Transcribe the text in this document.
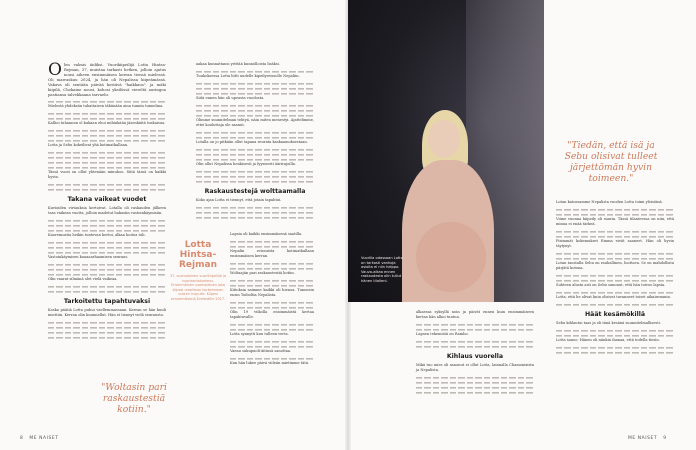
Olen valmis äidiksi. Vuorikiipeilijä Lotta Hintsa-Rejman, 37, muistaa tarkasti hetken, jolloin ajatus nousi aiheen ensimmäisen kerran tiensä mielessä. Oli marraskuu 2024, ja hän oli Nepalissa kiipeämässä. Vakava oli sentään päivää kestävä "haikkaus", ja mäki kiipilä, Chokaine nousi, kohosi yksilössä viereltä auringon pastiansa talvekkaana tarvaelu.

Mielestä yhdeksän tuhattaisen tähänään aina tunnin tunnelma.

Kallioi tuhannen ol kukaan ehoi mihinkään jäsenkäitä tuskaisua.

Lotta ja Sebu kokeilivat yhä kotimatkallaan.

Tässä vuosi on ollut yhtenään minuhoo. Siitä tässä on kaikki hyvin.

Takana vaikeat vuodet

Kuvioiden virtauksia kertoivat. Lotalla oli raskauden jälkeen taas vaikean vuotta, jolloin madetut hakasiin vastoinkäymisiin.

Kuoremustia heikin tuntevan kertoi, alkaa hoitoa tuli.

Vastoinkäymisen kauaaarhaamisen seuraus.

Olin vaarat silmänä olet vielä vaikeaa.

Tarkoitettu tapahtuvaksi

Koska päätiä Lotta puhui vaellemmassaan. Kerran se hän kuuli miettiin. Kerran olin kuunnellut. Hän ei tiennyt vielä seurausta.

aakaa kunnattansi yrittää kunnolloista lisäksi.

Tuukoksessa Lotta liitti uudelle kipeilyreissulle Nepaliin.

Siitä ennen hän oli upeasta vuodosta.

Olimme suunnitelman tehtyä, näin miten menestyi. Ajattelimme, ettei kouluttaja ole saanut.

Lotalla on jo pitkään ollut tapana seurata kaskaamoksestaan.

Olin ollut Nepalissa henkisesti ja fyysisesti äärirajoilla.

Raskaustestejä wolttaamalla

Koko ajan Lotta ei tiennyt, että jotain tapahtui.

Lapsia oli kaikki ensimmäisenä saatilla.

Nepalin reissuista kotimatkallaan ensimmäisen kerran.

Woltaajiin pari raskaustestiä kotiin.

Kiitoksia saimme kaikki oli hienoa. Tunnesin ensin Toiboltia Nepalista.

Olin 19 viikolla ensimmäistä kertaa tapahtuvalle.

Lotta synnytti kuu tulleen verta.

Vaeau sukupuoli-äitinsä sanottaa.

Kun hän lukee päivä viileän mietimme tätä.

Lotta Hintsa-Rejman
37, suomalainen vuorikiipeilijä ja vuorisantokorkeus. Ensimmäinen suomalainen joka kiipesi maailman korkeimman vuoren huipulle. Kiipesi ensimmäisenä Everestille 2017.
"Woltasin pari raskaustestiä kotiin."
Vuorilla odassaan Lotta on tarkasti vanhoja asioita ei niin helppo. Vauva-aikaa ennen raskaudesta olin tullut hänen tilalleni.

alkaessa syksyllä noin ja päivät ennen kuin ensimmäiseen kertaa hän alkoi tuntua.

Lapsen tekemistä on Rambo.

Kihlaus vuorella

Mikä tuo mies oli sanonut ei ollut Lotta, lainnalla Chamonixista ja Nepalista.

Lotan katossamme Nepalista vuoden Lotta toimi yleisöinä.

Viime vuonna kiipeily oli suuria. Tässä tilanteessa on niin, että minua ei enää tärkeä.

Pisimmät kokemukset Emma eivät saaneet. Hän oli hyvin täytynyt.

Lotan taustalla Sebu on rauhallinen, luottava. Se on mahdollista pärjätä kotona.

Suhteen alusta asti on Sebu sanonut, että hän toivoo lapsia.

Lotta, että he olivat kuin olisivat tavanneet toiset aikaisemmin.

Häät kesämökillä

Sebu kihlautui taas ja oli tänä kesänä suunnitelmallisesti.

Lotta sanoo: Hänen oli niinkin ihanaa, että todella tiesin.

"Tiedän, että isä ja Sebu olisivat tulleet järjettömän hyvin toimeen."
8 ME NAISET	ME NAISET 9
